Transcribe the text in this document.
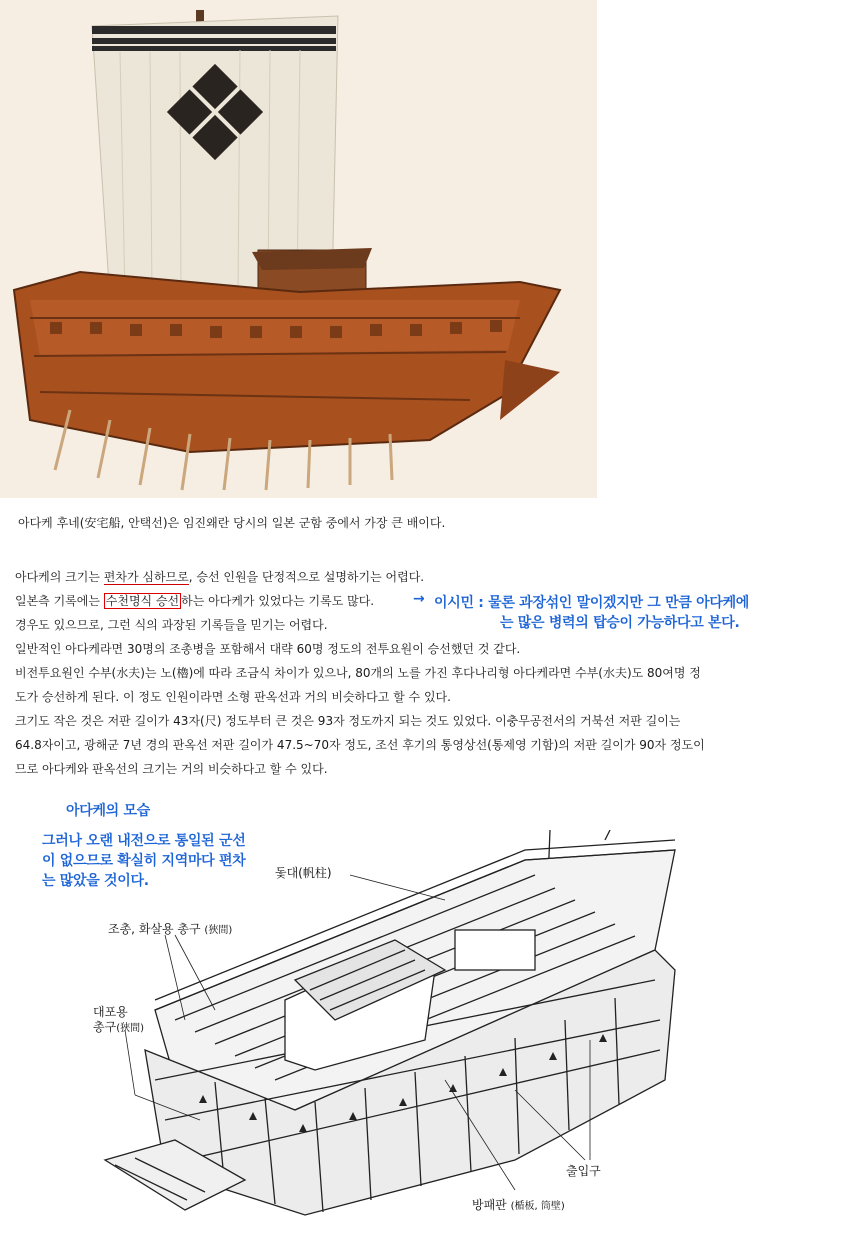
아다케 후네(安宅船, 안택선)은 임진왜란 당시의 일본 군함 중에서 가장 큰 배이다.
아다케의 크기는 편차가 심하므로, 승선 인원을 단정적으로 설명하기는 어렵다.
일본측 기록에는 수천명식 승선 하는 아다케가 있었다는 기록도 많다.	→ 이시민 : 물론 과장섞인 말이겠지만 그 만큼 아다케에
는 많은 병력의 탑승이 가능하다고 본다.
경우도 있으므로, 그런 식의 과장된 기록들을 믿기는 어렵다.
일반적인 아다케라면 30명의 조총병을 포함해서 대략 60명 정도의 전투요원이 승선했던 것 같다.
비전투요원인 수부(水夫)는 노(櫓)에 따라 조금식 차이가 있으나, 80개의 노를 가진 후다나리형 아다케라면 수부(水夫)도 80여명 정
도가 승선하게 된다. 이 정도 인원이라면 소형 판옥선과 거의 비슷하다고 할 수 있다.
크기도 작은 것은 저판 길이가 43자(尺) 정도부터 큰 것은 93자 정도까지 되는 것도 있었다. 이충무공전서의 거북선 저판 길이는
64.8자이고, 광해군 7년 경의 판옥선 저판 길이가 47.5~70자 정도, 조선 후기의 통영상선(통제영 기함)의 저판 길이가 90자 정도이
므로 아다케와 판옥선의 크기는 거의 비슷하다고 할 수 있다.
아다케의 모습
그러나 오랜 내전으로 통일된 군선
이 없으므로 확실히 지역마다 편차
는 많았을 것이다.	돛대(帆柱)
조총, 화살용 총구 (狹間)
대포용
총구(狹間)
출입구
방패판 (楯板, 筒壁)
